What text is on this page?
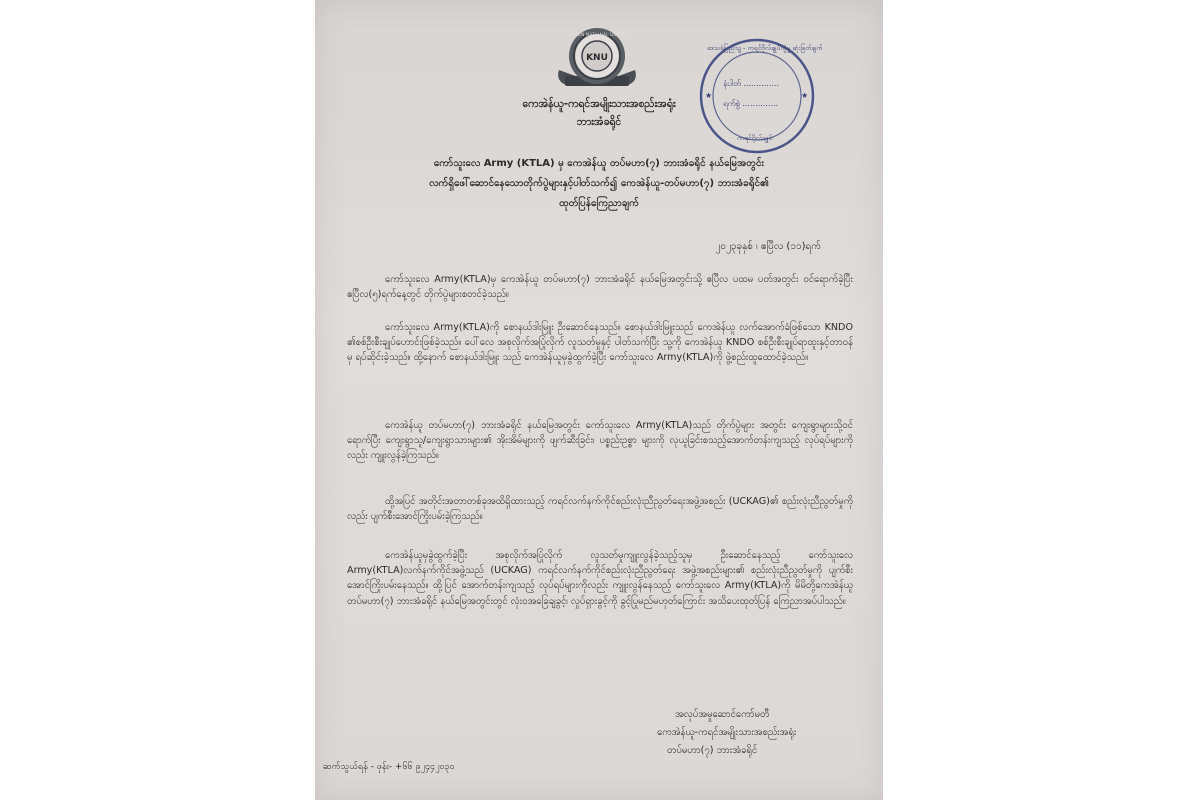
KNU
KAREN NATIONAL UNION
★	★
ဒေသခံပြည်သူ့ - ကရင်ဗိုလ်ချုပ်ကွဲမှု ဆုံးဖြတ်ချက်
နံပါတ် ..............
ရက်စွဲ ..............
ကရင်ဗိုလ်ချုပ်
ကေအဲန်ယူ-ကရင်အမျိုးသားအစည်းအရုံး
ဘားအံခရိုင်
ကော်သူးလေ Army (KTLA) မှ ကေအဲန်ယူ တပ်မဟာ(၇) ဘားအံခရိုင် နယ်မြေအတွင်း
လက်ရှိဖေါ်ဆောင်နေသောတိုက်ပွဲများနှင့်ပါတ်သက်၍ ကေအဲန်ယူ-တပ်မဟာ(၇) ဘားအံခရိုင်၏
ထုတ်ပြန်ကြေညာချက်
၂၀၂၃ခုနှစ် ၊ ဧပြီလ (၁၁)ရက်
ကော်သူးလေ Army(KTLA)မှ ကေအဲန်ယူ တပ်မဟာ(၇) ဘားအံခရိုင် နယ်မြေအတွင်းသို့ ဧပြီလ ပထမ ပတ်အတွင်း ဝင်ရောက်ခဲ့ပြီး ဧပြီလ(၅)ရက်နေ့တွင် တိုက်ပွဲများစတင်ခဲ့သည်။
ကော်သူးလေ Army(KTLA)ကို စောနယ်ဒါးမြူး ဦးဆောင်နေသည်။ စောနယ်ဒါးမြူးသည် ကေအဲန်ယူ လက်အောက်ခံဖြစ်သော KNDO ၏စစ်ဦးစီးချုပ်ဟောင်းဖြစ်ခဲ့သည်။ ပေါ်လေ အစုလိုက်အပြုံလိုက် လူသတ်မှုနှင့် ပါတ်သက်ပြီး သူ့ကို ကေအဲန်ယူ KNDO စစ်ဦးစီးချုပ်ရာထူးနှင့်တာဝန်မှ ရပ်ဆိုင်းခဲ့သည်။ ထို့နောက် စောနယ်ဒါးမြူး သည် ကေအဲန်ယူမှခွဲထွက်ခဲ့ပြီး ကော်သူးလေ Army(KTLA)ကို ဖွဲ့စည်းထူထောင်ခဲ့သည်။
ကေအဲန်ယူ တပ်မဟာ(၇) ဘားအံခရိုင် နယ်မြေအတွင်း ကော်သူးလေ Army(KTLA)သည် တိုက်ပွဲများ အတွင်း ကျေးရွာများသို့ဝင်ရောက်ပြီး ကျေးရွာသူ/ကျေးရွာသားများ၏ အိုးအိမ်များကို ဖျက်ဆီးခြင်း၊ ပစ္စည်းဥစ္စာ များကို လုယူခြင်းစသည့်အောက်တန်းကျသည့် လုပ်ရပ်များကိုလည်း ကျူးလွန်ခဲ့ကြသည်။
ထို့အပြင် အတိုင်းအတာတစ်ခုအထိရှိထားသည့် ကရင်လက်နက်ကိုင်စည်းလုံးညီညွတ်ရေးအဖွဲ့အစည်း (UCKAG)၏ စည်းလုံးညီညွတ်မှုကိုလည်း ပျက်စီးအောင်ကြိုးပမ်းခဲ့ကြသည်။
ကေအဲန်ယူမှခွဲထွက်ခဲ့ပြီး အစုလိုက်အပြုံလိုက် လူသတ်မှုကျူးလွန်ခဲ့သည့်သူမှ ဦးဆောင်နေသည့် ကော်သူးလေ Army(KTLA)လက်နက်ကိုင်အဖွဲ့သည် (UCKAG) ကရင်လက်နက်ကိုင်စည်းလုံးညီညွတ်ရေး အဖွဲ့အစည်းများ၏ စည်းလုံးညီညွတ်မှုကို ပျက်စီးအောင်ကြိုးပမ်းနေသည်။ ထို့ပြင် အောက်တန်းကျသည့် လုပ်ရပ်များကိုလည်း ကျူးလွန်နေသည့် ကော်သူးလေ Army(KTLA)ကို မိမိတို့ကေအဲန်ယူ တပ်မဟာ(၇) ဘားအံခရိုင် နယ်မြေအတွင်းတွင် လုံးဝအခြေချခွင့်၊ လှုပ်ရှားခွင့်ကို ခွင့်ပြုမည်မဟုတ်ကြောင်း အသိပေးထုတ်ပြန် ကြေညာအပ်ပါသည်။
အလုပ်အမှုဆောင်ကော်မတီ
ကေအဲန်ယူ-ကရင်အမျိုးသားအစည်းအရုံး
တပ်မဟာ(၇) ဘားအံခရိုင်
ဆက်သွယ်ရန် - ဖုန်း- +၆၆ ၉၂၄၄၂၀၃၀
